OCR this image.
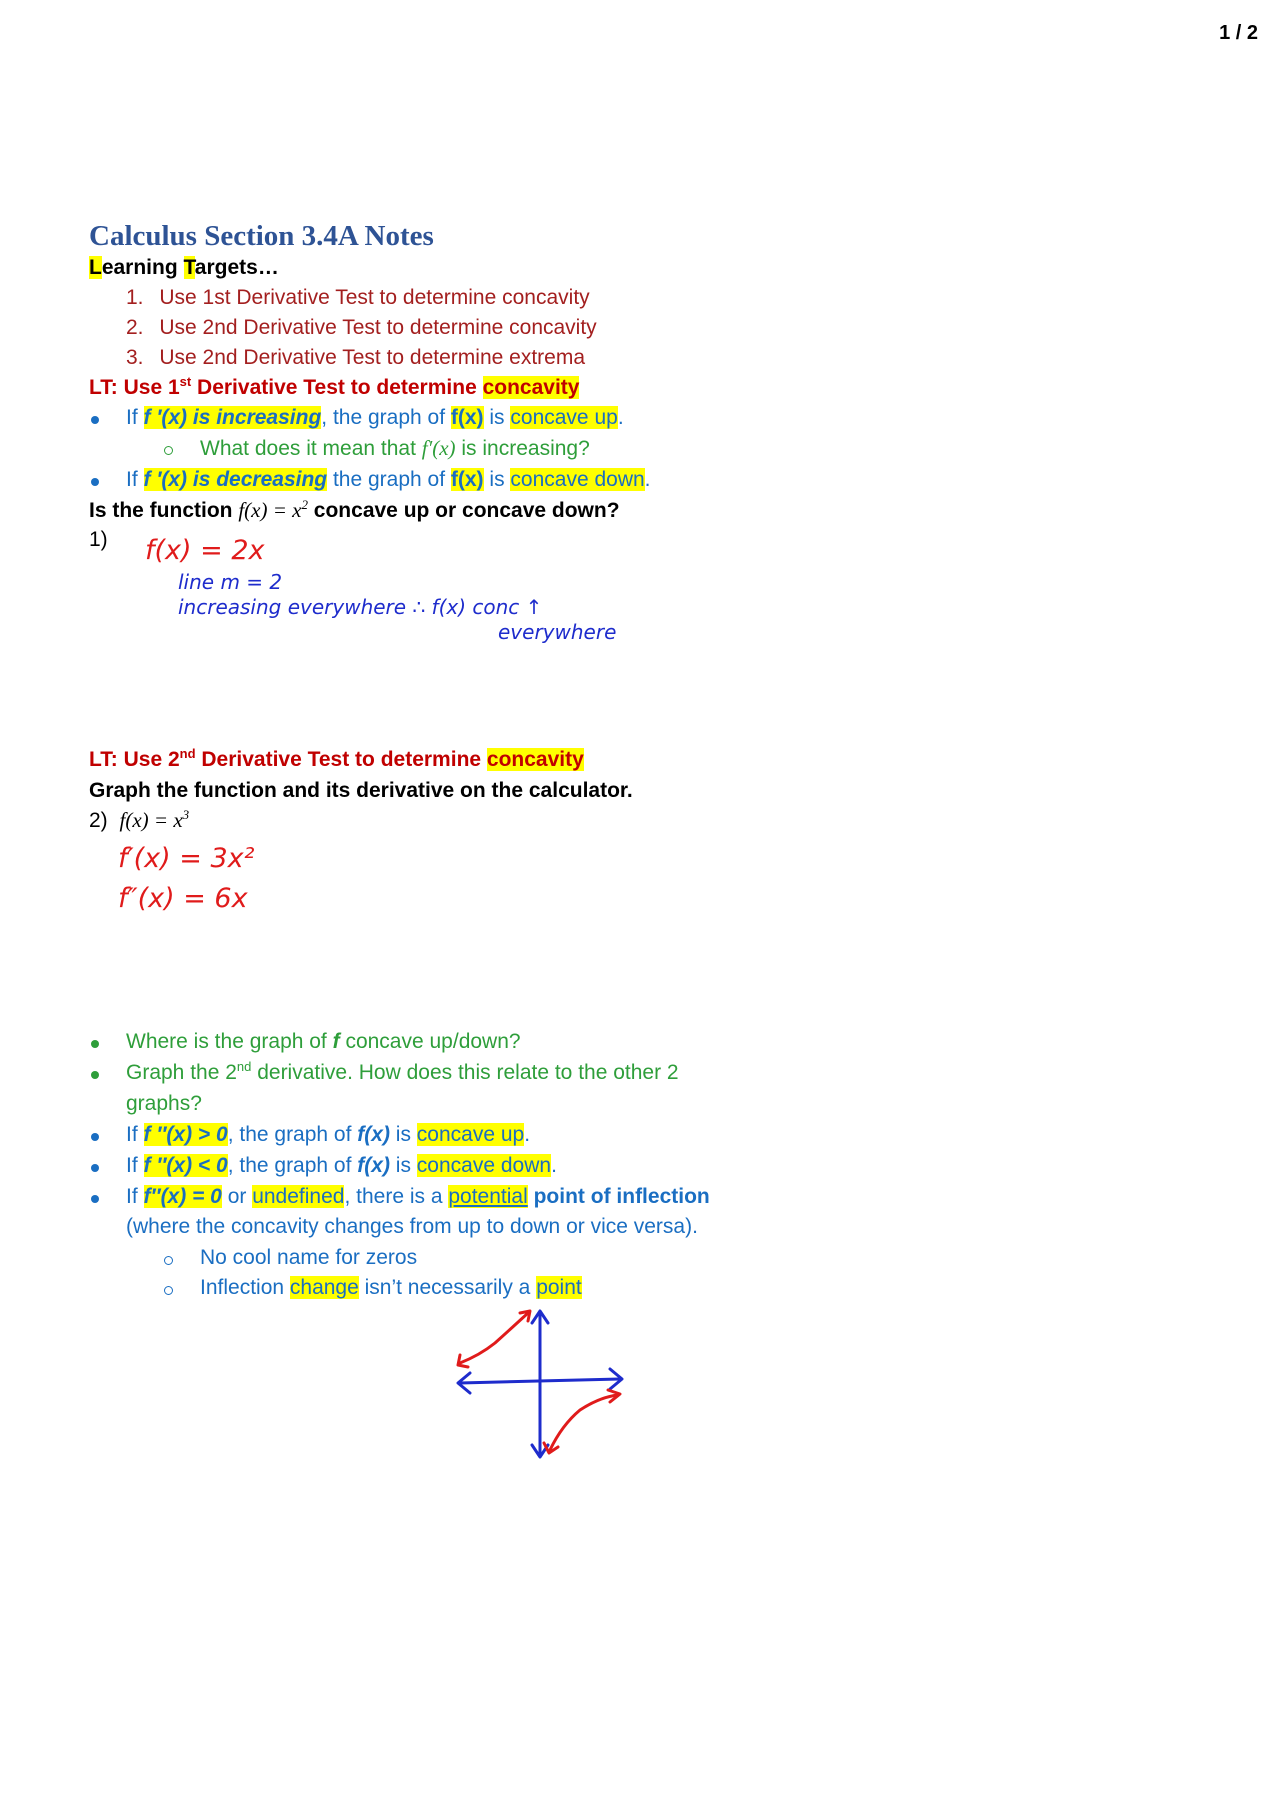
1 / 2
Calculus Section 3.4A Notes
Learning Targets…
1. Use 1st Derivative Test to determine concavity
2. Use 2nd Derivative Test to determine concavity
3. Use 2nd Derivative Test to determine extrema
LT: Use 1st Derivative Test to determine concavity
If f ′(x) is increasing, the graph of f(x) is concave up.
What does it mean that f′(x) is increasing?
If f ′(x) is decreasing the graph of f(x) is concave down.
Is the function $f(x) = x^2$ concave up or concave down?
1) f(x) = 2x
line m = 2
increasing everywhere ∴ f(x) conc ↑
everywhere
LT: Use 2nd Derivative Test to determine concavity
Graph the function and its derivative on the calculator.
2) $f(x) = x^3$
f′(x) = 3x²
f″(x) = 6x
Where is the graph of f concave up/down?
Graph the 2nd derivative. How does this relate to the other 2
graphs?
If f ″(x) > 0, the graph of f(x) is concave up.
If f ″(x) < 0, the graph of f(x) is concave down.
If f″(x) = 0 or undefined, there is a potential point of inflection
(where the concavity changes from up to down or vice versa).
No cool name for zeros
Inflection change isn’t necessarily a point
